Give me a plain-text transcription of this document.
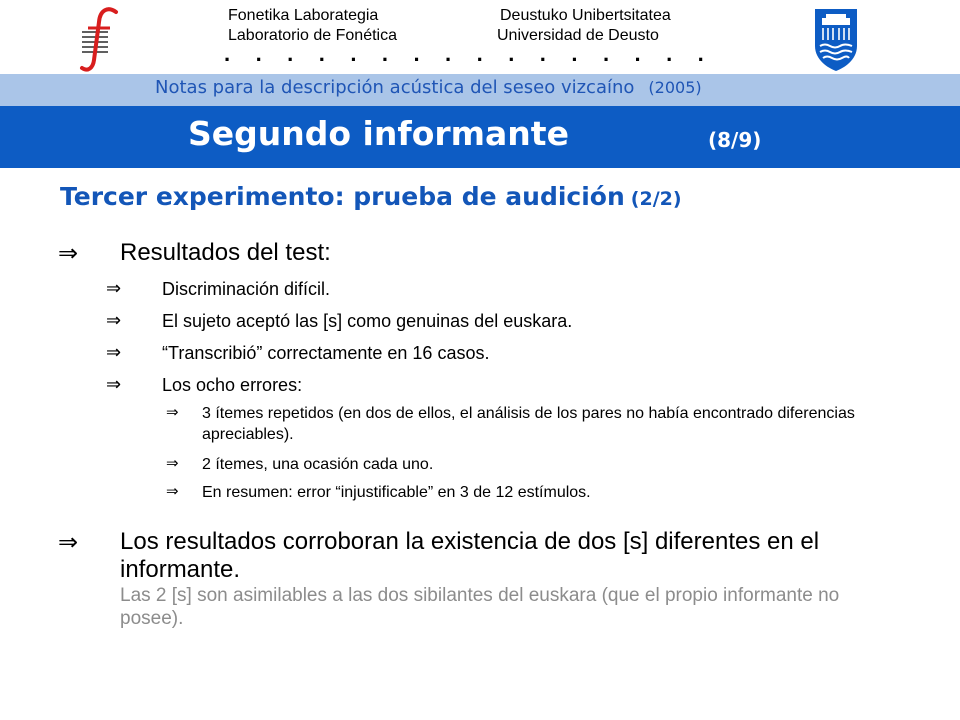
Fonetika Laborategia
Laboratorio de Fonética
Deustuko Unibertsitatea
Universidad de Deusto
. . . . . . . . . . . . . . . .
Notas para la descripción acústica del seseo vizcaíno (2005)
Segundo informante	(8/9)
Tercer experimento: prueba de audición (2/2)
⇒	Resultados del test:
⇒	Discriminación difícil.
⇒	El sujeto aceptó las [s] como genuinas del euskara.
⇒	“Transcribió” correctamente en 16 casos.
⇒	Los ocho errores:
⇒	3 ítemes repetidos (en dos de ellos, el análisis de los pares no había encontrado diferencias apreciables).
⇒	2 ítemes, una ocasión cada uno.
⇒	En resumen: error “injustificable” en 3 de 12 estímulos.
⇒	Los resultados corroboran la existencia de dos [s] diferentes en el informante.
Las 2 [s] son asimilables a las dos sibilantes del euskara (que el propio informante no posee).
